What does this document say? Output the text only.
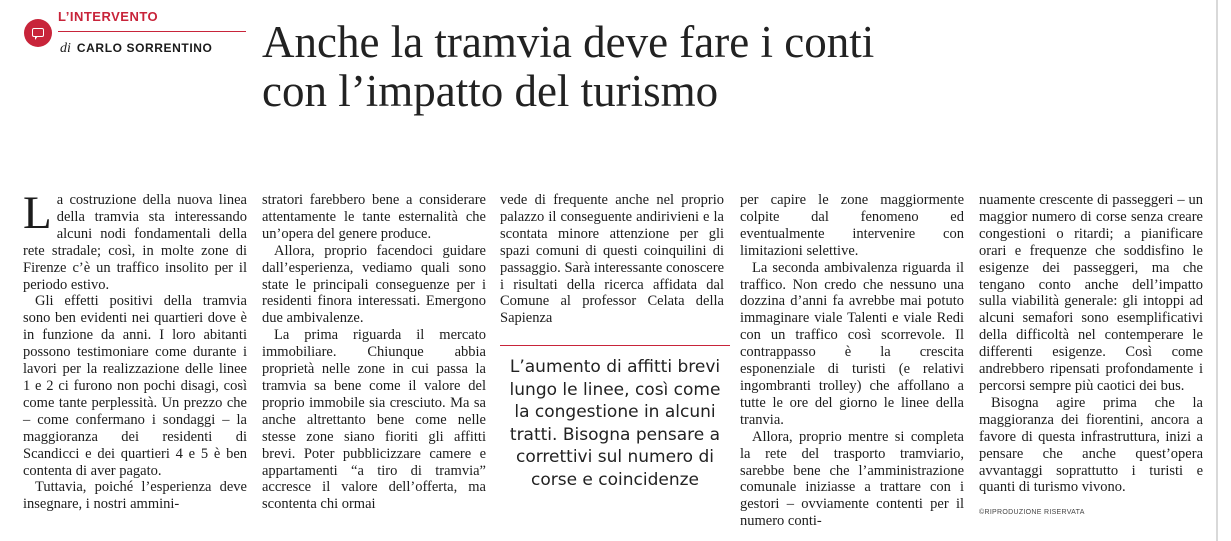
L’INTERVENTO
di CARLO SORRENTINO Anche la tramvia deve fare i conti
con l’impatto del turismo

La costruzione della nuova linea della tramvia sta interessando alcuni nodi fondamentali della rete stradale; così, in molte zone di Firenze c’è un traffico insolito per il periodo estivo.

Gli effetti positivi della tramvia sono ben evidenti nei quartieri dove è in funzione da anni. I loro abitanti possono testimoniare come durante i lavori per la realizzazione delle linee 1 e 2 ci furono non pochi disagi, così come tante perplessità. Un prezzo che – come confermano i sondaggi – la maggioranza dei residenti di Scandicci e dei quartieri 4 e 5 è ben contenta di aver pagato.

Tuttavia, poiché l’esperienza deve insegnare, i nostri ammini-

stratori farebbero bene a considerare attentamente le tante esternalità che un’opera del genere produce.

Allora, proprio facendoci guidare dall’esperienza, vediamo quali sono state le principali conseguenze per i residenti finora interessati. Emergono due ambivalenze.

La prima riguarda il mercato immobiliare. Chiunque abbia proprietà nelle zone in cui passa la tramvia sa bene come il valore del proprio immobile sia cresciuto. Ma sa anche altrettanto bene come nelle stesse zone siano fioriti gli affitti brevi. Poter pubblicizzare camere e appartamenti “a tiro di tramvia” accresce il valore dell’offerta, ma scontenta chi ormai

vede di frequente anche nel proprio palazzo il conseguente andirivieni e la scontata minore attenzione per gli spazi comuni di questi coinquilini di passaggio. Sarà interessante conoscere i risultati della ricerca affidata dal Comune al professor Celata della Sapienza

L’aumento di affitti brevi lungo le linee, così come la congestione in alcuni tratti. Bisogna pensare a correttivi sul numero di corse e coincidenze

per capire le zone maggiormente colpite dal fenomeno ed eventualmente intervenire con limitazioni selettive.

La seconda ambivalenza riguarda il traffico. Non credo che nessuno una dozzina d’anni fa avrebbe mai potuto immaginare viale Talenti e viale Redi con un traffico così scorrevole. Il contrappasso è la crescita esponenziale di turisti (e relativi ingombranti trolley) che affollano a tutte le ore del giorno le linee della tranvia.

Allora, proprio mentre si completa la rete del trasporto tramviario, sarebbe bene che l’amministrazione comunale iniziasse a trattare con i gestori – ovviamente contenti per il numero conti-

nuamente crescente di passeggeri – un maggior numero di corse senza creare congestioni o ritardi; a pianificare orari e frequenze che soddisfino le esigenze dei passeggeri, ma che tengano conto anche dell’impatto sulla viabilità generale: gli intoppi ad alcuni semafori sono esemplificativi della difficoltà nel contemperare le differenti esigenze. Così come andrebbero ripensati profondamente i percorsi sempre più caotici dei bus.

Bisogna agire prima che la maggioranza dei fiorentini, ancora a favore di questa infrastruttura, inizi a pensare che anche quest’opera avvantaggi soprattutto i turisti e quanti di turismo vivono.

©RIPRODUZIONE RISERVATA
